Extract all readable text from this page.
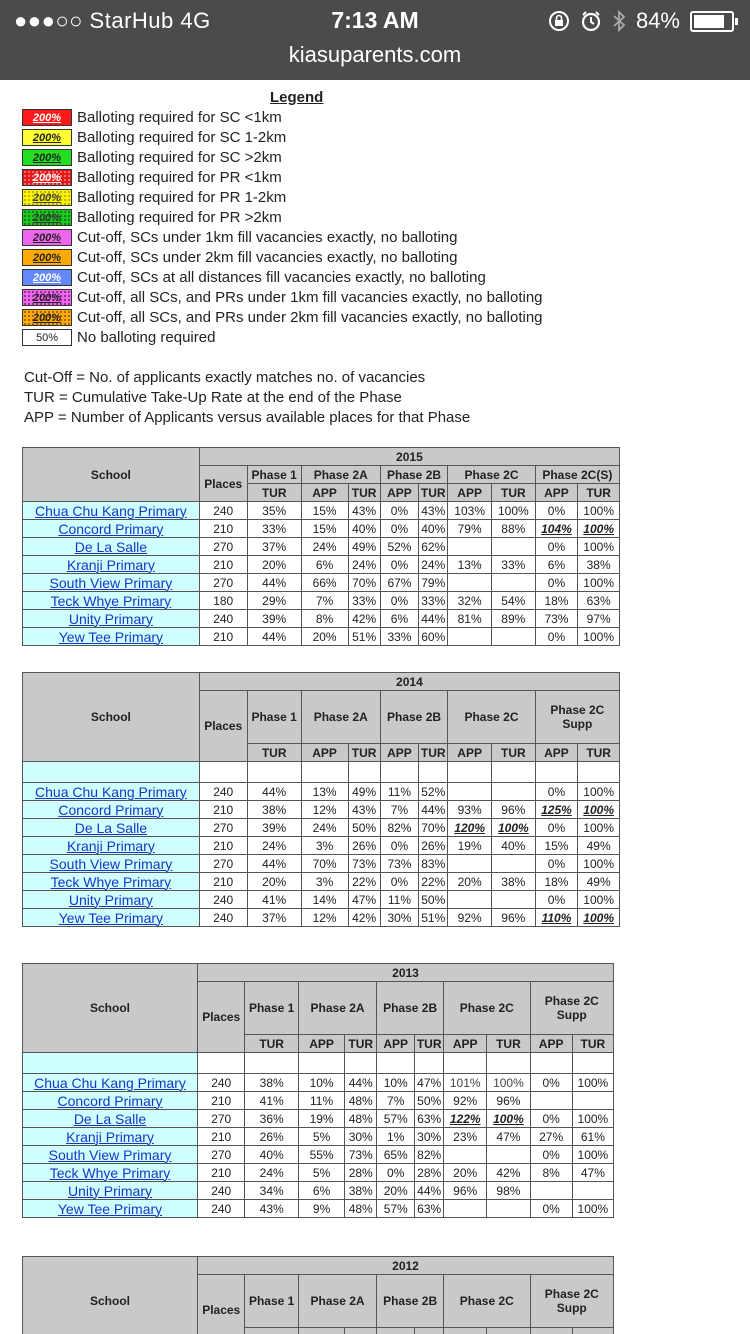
●●●○○ StarHub 4G	7:13 AM	84%
kiasuparents.com
Legend
200%	Balloting required for SC <1km
200%	Balloting required for SC 1-2km
200%	Balloting required for SC >2km
200%	Balloting required for PR <1km
200%	Balloting required for PR 1-2km
200%	Balloting required for PR >2km
200%	Cut-off, SCs under 1km fill vacancies exactly, no balloting
200%	Cut-off, SCs under 2km fill vacancies exactly, no balloting
200%	Cut-off, SCs at all distances fill vacancies exactly, no balloting
200%	Cut-off, all SCs, and PRs under 1km fill vacancies exactly, no balloting
200%	Cut-off, all SCs, and PRs under 2km fill vacancies exactly, no balloting
50%	No balloting required
Cut-Off = No. of applicants exactly matches no. of vacancies
TUR = Cumulative Take-Up Rate at the end of the Phase
APP = Number of Applicants versus available places for that Phase
School	2015									
	Places	Phase 1	Phase 2A		Phase 2B		Phase 2C		Phase 2C(S)	
		TUR	APP	TUR	APP	TUR	APP	TUR	APP	TUR
Chua Chu Kang Primary	240	35%	15%	43%	0%	43%	103%	100%	0%	100%
Concord Primary	210	33%	15%	40%	0%	40%	79%	88%	104%	100%
De La Salle	270	37%	24%	49%	52%	62%	117%	100%	0%	100%
Kranji Primary	210	20%	6%	24%	0%	24%	13%	33%	6%	38%
South View Primary	270	44%	66%	70%	67%	79%	191%	100%	0%	100%
Teck Whye Primary	180	29%	7%	33%	0%	33%	32%	54%	18%	63%
Unity Primary	240	39%	8%	42%	6%	44%	81%	89%	73%	97%
Yew Tee Primary	210	44%	20%	51%	33%	60%	106%	100%	0%	100%
School	2014									
	Places	Phase 1	Phase 2A		Phase 2B		Phase 2C		Phase 2C Supp	
		TUR	APP	TUR	APP	TUR	APP	TUR	APP	TUR

Chua Chu Kang Primary	240	44%	13%	49%	11%	52%	116%	100%	0%	100%
Concord Primary	210	38%	12%	43%	7%	44%	93%	96%	125%	100%
De La Salle	270	39%	24%	50%	82%	70%	120%	100%	0%	100%
Kranji Primary	210	24%	3%	26%	0%	26%	19%	40%	15%	49%
South View Primary	270	44%	70%	73%	73%	83%	187%	100%	0%	100%
Teck Whye Primary	210	20%	3%	22%	0%	22%	20%	38%	18%	49%
Unity Primary	240	41%	14%	47%	11%	50%	104%	100%	0%	100%
Yew Tee Primary	240	37%	12%	42%	30%	51%	92%	96%	110%	100%
School	2013									
	Places	Phase 1	Phase 2A		Phase 2B		Phase 2C		Phase 2C Supp	
		TUR	APP	TUR	APP	TUR	APP	TUR	APP	TUR

Chua Chu Kang Primary	240	38%	10%	44%	10%	47%	101%	100%	0%	100%
Concord Primary	210	41%	11%	48%	7%	50%	92%	96%	113%	100%
De La Salle	270	36%	19%	48%	57%	63%	122%	100%	0%	100%
Kranji Primary	210	26%	5%	30%	1%	30%	23%	47%	27%	61%
South View Primary	270	40%	55%	73%	65%	82%	173%	100%	0%	100%
Teck Whye Primary	210	24%	5%	28%	0%	28%	20%	42%	8%	47%
Unity Primary	240	34%	6%	38%	20%	44%	96%	98%	150%	100%
Yew Tee Primary	240	43%	9%	48%	57%	63%	117%	100%	0%	100%
School	2012									
	Places	Phase 1	Phase 2A		Phase 2B		Phase 2C		Phase 2C Supp	
